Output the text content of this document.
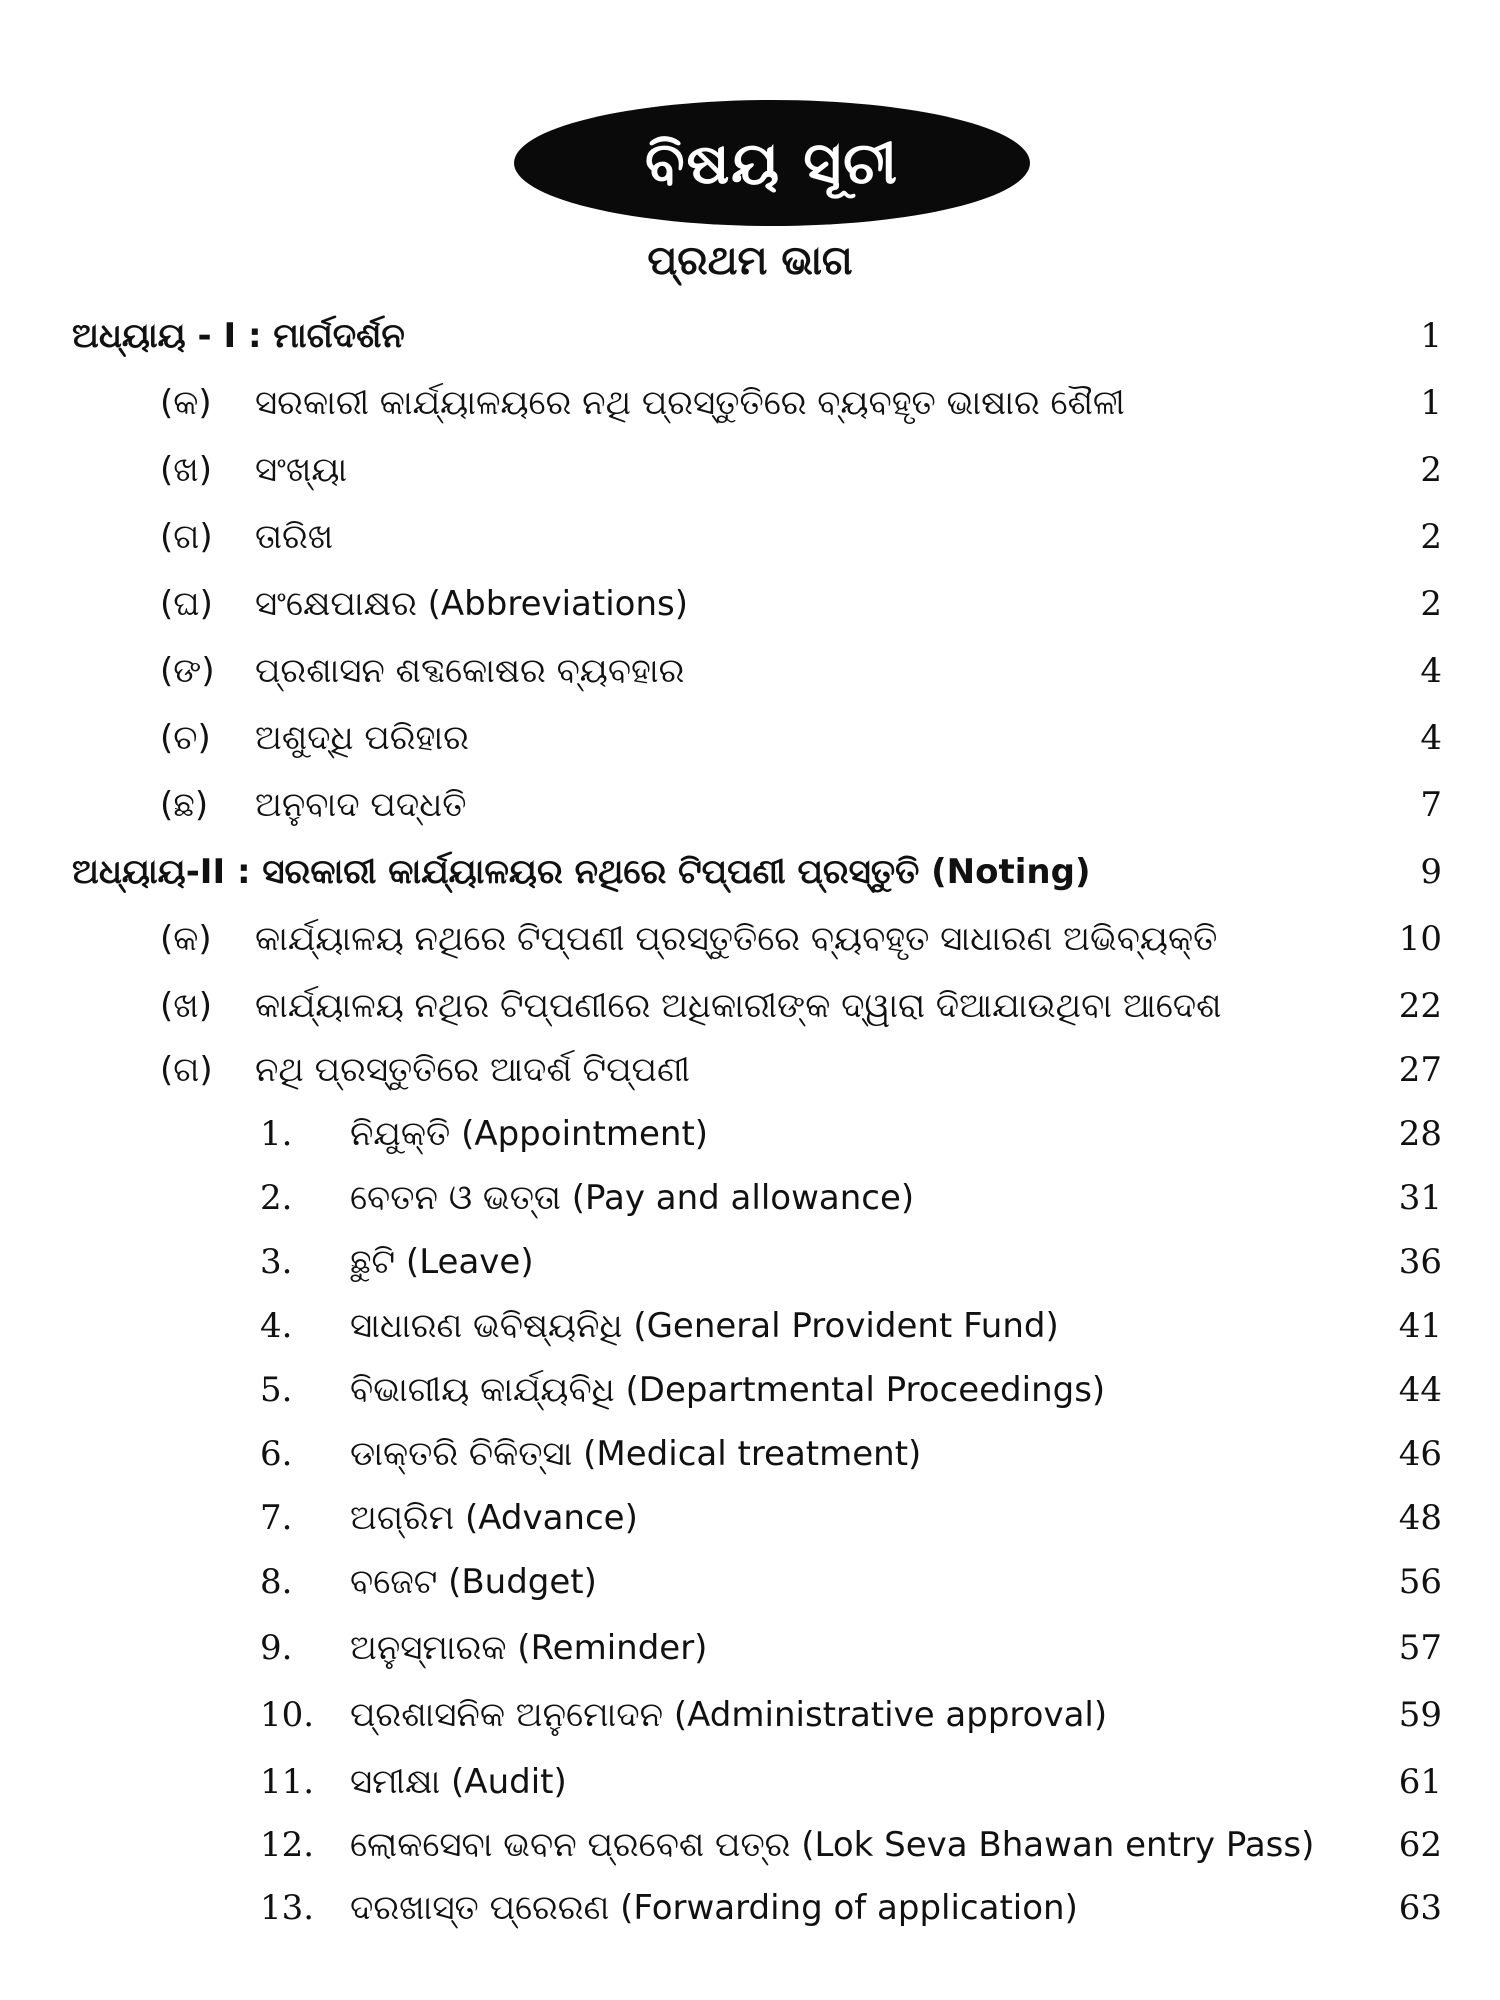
ବିଷୟ ସୂଚୀ
ପ୍ରଥମ ଭାଗ
ଅଧ୍ୟାୟ - I : ମାର୍ଗଦର୍ଶନ	1
(କ) ସରକାରୀ କାର୍ଯ୍ୟାଳୟରେ ନଥି ପ୍ରସ୍ତୁତିରେ ବ୍ୟବହୃତ ଭାଷାର ଶୈଳୀ	1
(ଖ) ସଂଖ୍ୟା	2
(ଗ) ତାରିଖ	2
(ଘ) ସଂକ୍ଷେପାକ୍ଷର (Abbreviations)	2
(ଙ) ପ୍ରଶାସନ ଶବ୍ଦକୋଷର ବ୍ୟବହାର	4
(ଚ) ଅଶୁଦ୍ଧି ପରିହାର	4
(ଛ) ଅନୁବାଦ ପଦ୍ଧତି	7
ଅଧ୍ୟାୟ-II : ସରକାରୀ କାର୍ଯ୍ୟାଳୟର ନଥିରେ ଟିପ୍ପଣୀ ପ୍ରସ୍ତୁତି (Noting)	9
(କ) କାର୍ଯ୍ୟାଳୟ ନଥିରେ ଟିପ୍ପଣୀ ପ୍ରସ୍ତୁତିରେ ବ୍ୟବହୃତ ସାଧାରଣ ଅଭିବ୍ୟକ୍ତି	10
(ଖ) କାର୍ଯ୍ୟାଳୟ ନଥିର ଟିପ୍ପଣୀରେ ଅଧିକାରୀଙ୍କ ଦ୍ୱାରା ଦିଆଯାଉଥିବା ଆଦେଶ	22
(ଗ) ନଥି ପ୍ରସ୍ତୁତିରେ ଆଦର୍ଶ ଟିପ୍ପଣୀ	27
1. ନିଯୁକ୍ତି (Appointment)	28
2. ବେତନ ଓ ଭତ୍ତା (Pay and allowance)	31
3. ଛୁଟି (Leave)	36
4. ସାଧାରଣ ଭବିଷ୍ୟନିଧି (General Provident Fund)	41
5. ବିଭାଗୀୟ କାର୍ଯ୍ୟବିଧି (Departmental Proceedings)	44
6. ଡାକ୍ତରି ଚିକିତ୍ସା (Medical treatment)	46
7. ଅଗ୍ରିମ (Advance)	48
8. ବଜେଟ (Budget)	56
9. ଅନୁସ୍ମାରକ (Reminder)	57
10. ପ୍ରଶାସନିକ ଅନୁମୋଦନ (Administrative approval)	59
11. ସମୀକ୍ଷା (Audit)	61
12. ଲୋକସେବା ଭବନ ପ୍ରବେଶ ପତ୍ର (Lok Seva Bhawan entry Pass) 62
13. ଦରଖାସ୍ତ ପ୍ରେରଣ (Forwarding of application)	63
